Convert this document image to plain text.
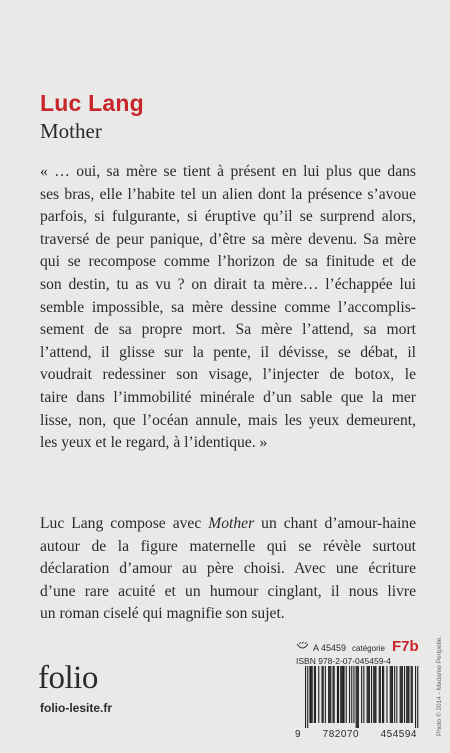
Luc Lang
Mother
« … oui, sa mère se tient à présent en lui plus que dans
ses bras, elle l’habite tel un alien dont la présence s’avoue
parfois, si fulgurante, si éruptive qu’il se surprend alors,
traversé de peur panique, d’être sa mère devenu. Sa mère
qui se recompose comme l’horizon de sa finitude et de
son destin, tu as vu ? on dirait ta mère… l’échappée lui
semble impossible, sa mère dessine comme l’accomplis-
sement de sa propre mort. Sa mère l’attend, sa mort
l’attend, il glisse sur la pente, il dévisse, se débat, il
voudrait redessiner son visage, l’injecter de botox, le
taire dans l’immobilité minérale d’un sable que la mer
lisse, non, que l’océan annule, mais les yeux demeurent,
les yeux et le regard, à l’identique. »
Luc Lang compose avec Mother un chant d’amour-haine
autour de la figure maternelle qui se révèle surtout
déclaration d’amour au père choisi. Avec une écriture
d’une rare acuité et un humour cinglant, il nous livre
un roman ciselé qui magnifie son sujet.
Photo © 2014 - Madame Peripetie.
folio
folio-lesite.fr
A 45459 catégorie F7b
ISBN 978-2-07-045459-4
9 782070 454594
